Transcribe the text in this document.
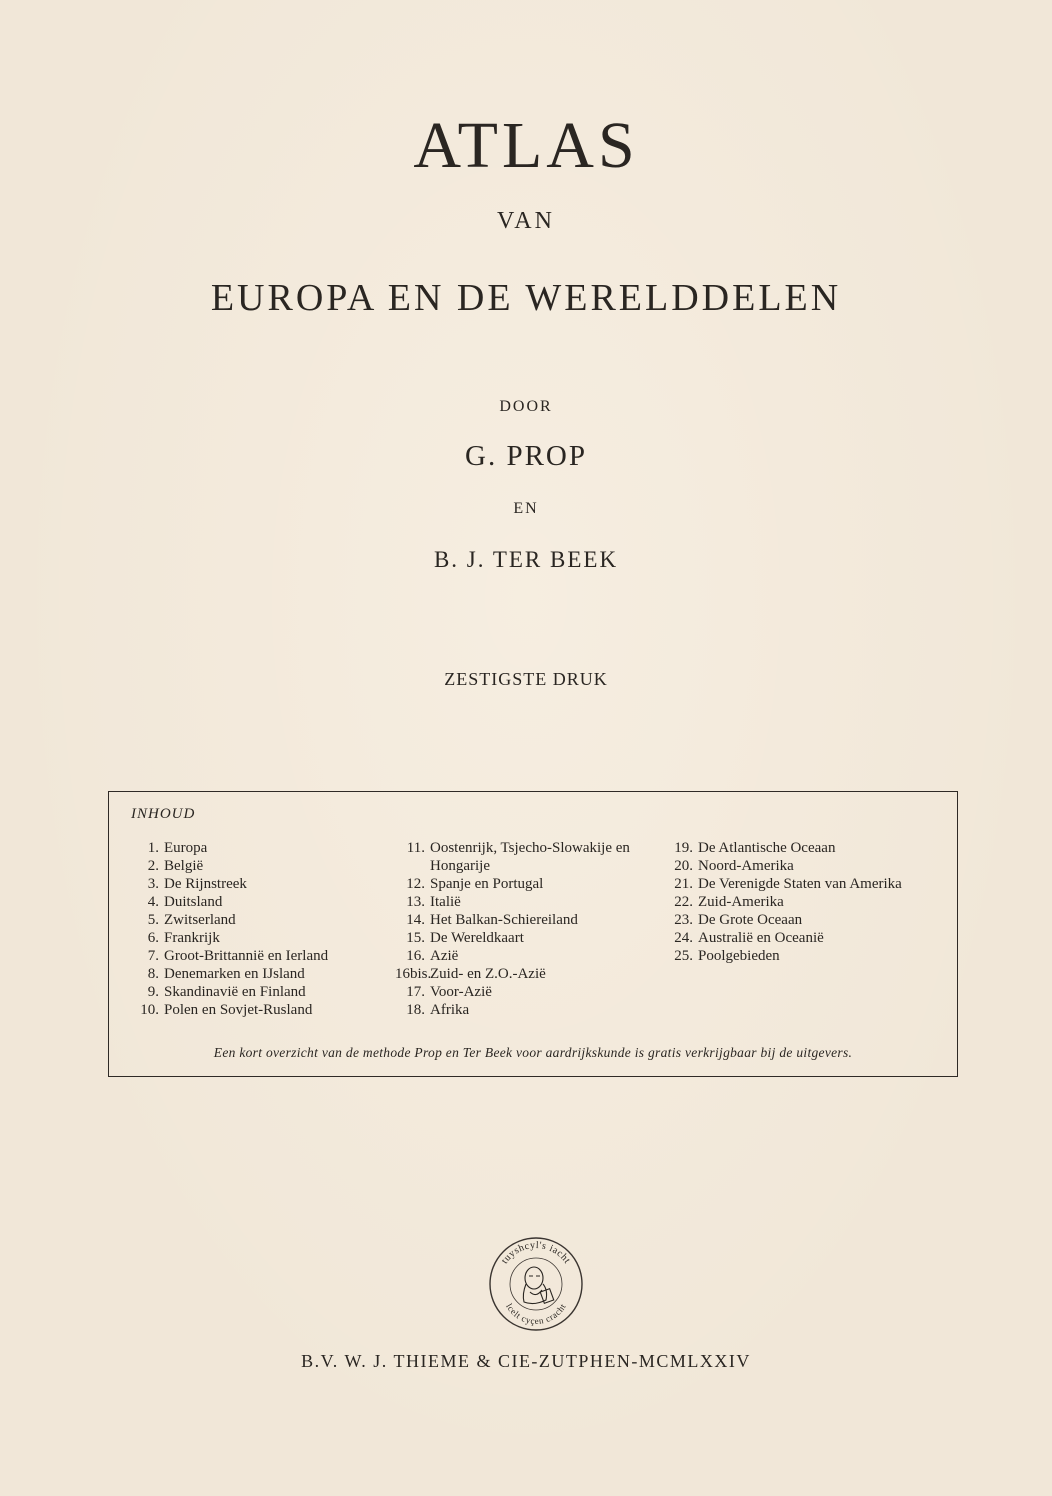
ATLAS
VAN
EUROPA EN DE WERELDDELEN
DOOR
G. PROP
EN
B. J. TER BEEK
ZESTIGSTE DRUK
INHOUD
1. Europa
2. België
3. De Rijnstreek
4. Duitsland
5. Zwitserland
6. Frankrijk
7. Groot-Brittannië en Ierland
8. Denemarken en IJsland
9. Skandinavië en Finland
10. Polen en Sovjet-Rusland
11. Oostenrijk, Tsjecho-Slowakije en Hongarije
12. Spanje en Portugal
13. Italië
14. Het Balkan-Schiereiland
15. De Wereldkaart
16. Azië
16bis.
Zuid- en Z.O.-Azië
17. Voor-Azië
18. Afrika
19. De Atlantische Oceaan
20. Noord-Amerika
21. De Verenigde Staten van Amerika
22. Zuid-Amerika
23. De Grote Oceaan
24. Australië en Oceanië
25. Poolgebieden
Een kort overzicht van de methode Prop en Ter Beek voor aardrijkskunde is gratis verkrijgbaar bij de uitgevers.
tuyshcyl's iacht
lcelt cyçen cracht
B.V. W. J. THIEME & CIE-ZUTPHEN-MCMLXXIV
